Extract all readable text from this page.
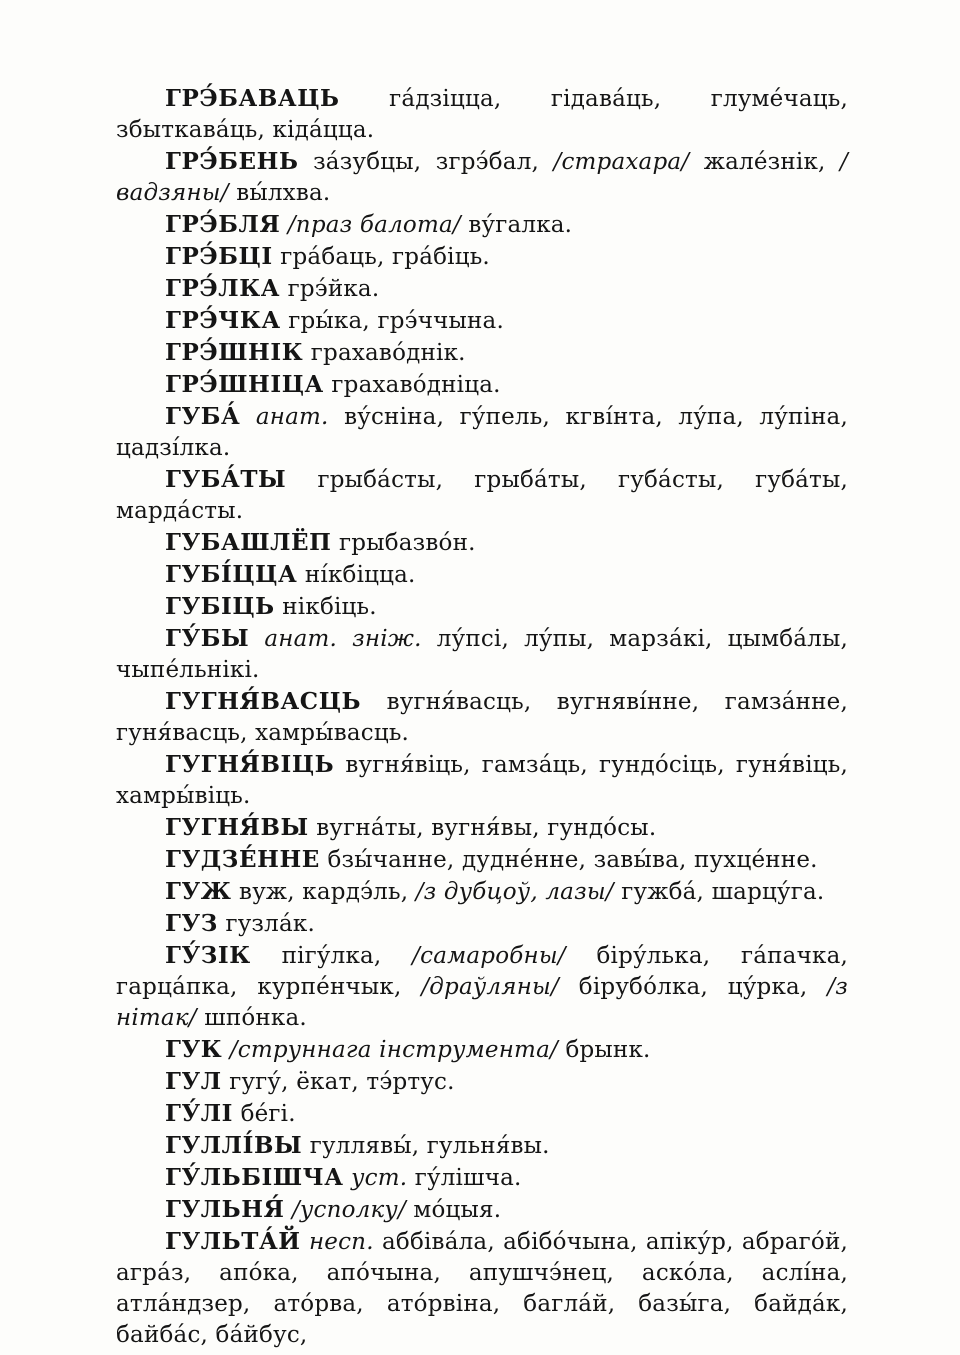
ГРЭ́БАВАЦЬ га́дзіцца, гідава́ць, глуме́чаць, збыткава́ць, кіда́цца.

ГРЭ́БЕНЬ за́зубцы, згрэ́бал, /страхара/ жале́знік, /вадзяны/ вы́лхва.

ГРЭ́БЛЯ /праз балота/ ву́галка.

ГРЭ́БЦІ гра́баць, гра́біць.

ГРЭ́ЛКА грэ́йка.

ГРЭ́ЧКА гры́ка, грэ́ччына.

ГРЭ́ШНІК грахаво́днік.

ГРЭ́ШНІЦА грахаво́дніца.

ГУБА́ анат. ву́сніна, гу́пель, кгві́нта, лу́па, лу́піна, цадзі́лка.

ГУБА́ТЫ грыба́сты, грыба́ты, губа́сты, губа́ты, марда́сты.

ГУБАШЛЁП грыбазво́н.

ГУБІ́ЦЦА ні́кбіцца.

ГУБІЦЬ нікбіць.

ГУ́БЫ анат. зніж. лу́псі, лу́пы, марза́кі, цымба́лы, чыпе́льнікі.

ГУГНЯ́ВАСЦЬ вугня́васць, вугняві́нне, гамза́нне, гуня́васць, хамры́васць.

ГУГНЯ́ВІЦЬ вугня́віць, гамза́ць, гундо́сіць, гуня́віць, хамры́віць.

ГУГНЯ́ВЫ вугна́ты, вугня́вы, гундо́сы.

ГУДЗЕ́ННЕ бзы́чанне, дудне́нне, завы́ва, пухце́нне.

ГУЖ вуж, кардэ́ль, /з дубцоў, лазы/ гужба́, шарцу́га.

ГУЗ гузла́к.

ГУ́ЗІК пігу́лка, /самаробны/ біру́лька, га́пачка, гарца́пка, курпе́нчык, /драўляны/ бірубо́лка, цу́рка, /з нітак/ шпо́нка.

ГУК /струннага інструмента/ брынк.

ГУЛ гугу́, ёкат, тэ́ртус.

ГУ́ЛІ бе́гі.

ГУЛЛІ́ВЫ гуллявы́, гульня́вы.

ГУ́ЛЬБІШЧА уст. гу́лішча.

ГУЛЬНЯ́ /усполку/ мо́цыя.

ГУЛЬТА́Й несп. аббіва́ла, абібо́чына, апіку́р, абраго́й, агра́з, апо́ка, апо́чына, апушчэ́нец, аско́ла, аслі́на, атла́ндзер, ато́рва, ато́рвіна, багла́й, базы́га, байда́к, байба́с, ба́йбус,
